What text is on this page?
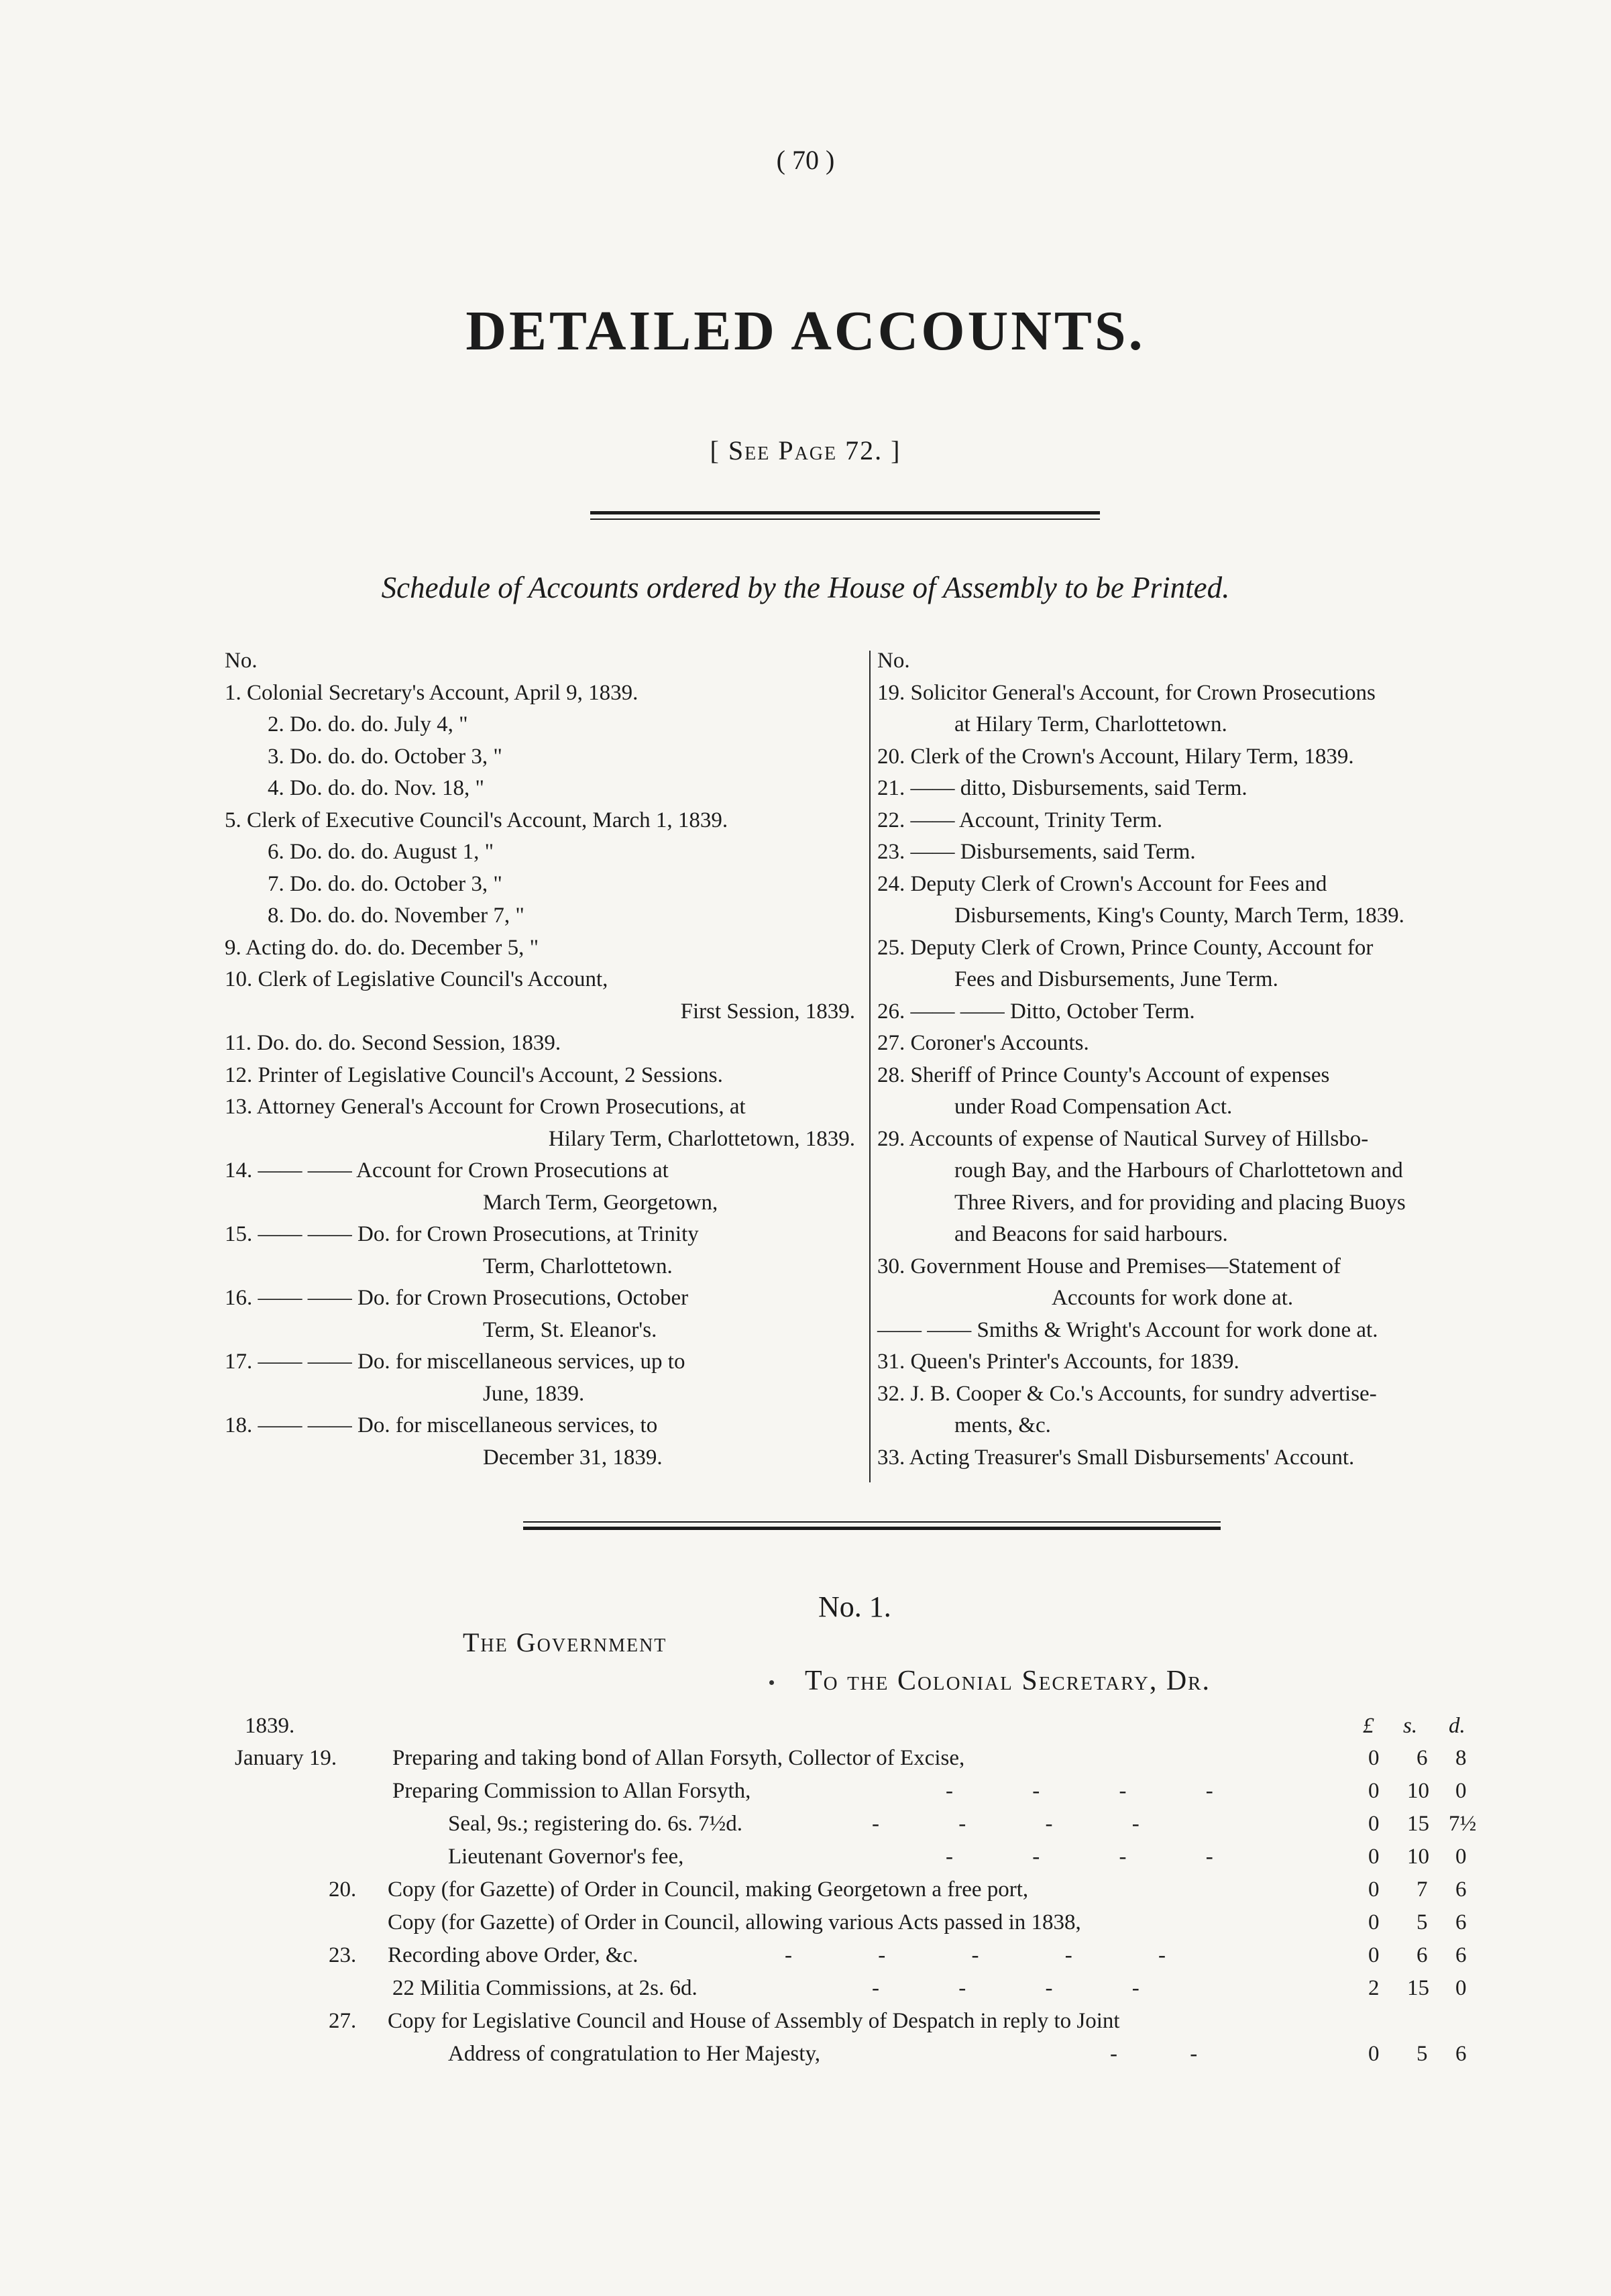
( 70 )
DETAILED ACCOUNTS.
[ See Page 72. ]
Schedule of Accounts ordered by the House of Assembly to be Printed.
No.
1. Colonial Secretary's Account, April 9, 1839.
2. Do. do. do. July 4, "
3. Do. do. do. October 3, "
4. Do. do. do. Nov. 18, "
5. Clerk of Executive Council's Account, March 1, 1839.
6. Do. do. do. August 1, "
7. Do. do. do. October 3, "
8. Do. do. do. November 7, "
9. Acting do. do. do. December 5, "
10. Clerk of Legislative Council's Account,
First Session, 1839.
11. Do. do. do. Second Session, 1839.
12. Printer of Legislative Council's Account, 2 Sessions.
13. Attorney General's Account for Crown Prosecutions, at
Hilary Term, Charlottetown, 1839.
14. —— —— Account for Crown Prosecutions at
March Term, Georgetown,
15. —— —— Do. for Crown Prosecutions, at Trinity
Term, Charlottetown.
16. —— —— Do. for Crown Prosecutions, October
Term, St. Eleanor's.
17. —— —— Do. for miscellaneous services, up to
June, 1839.
18. —— —— Do. for miscellaneous services, to
December 31, 1839.
No.
19. Solicitor General's Account, for Crown Prosecutions
at Hilary Term, Charlottetown.
20. Clerk of the Crown's Account, Hilary Term, 1839.
21. —— ditto, Disbursements, said Term.
22. —— Account, Trinity Term.
23. —— Disbursements, said Term.
24. Deputy Clerk of Crown's Account for Fees and
Disbursements, King's County, March Term, 1839.
25. Deputy Clerk of Crown, Prince County, Account for
Fees and Disbursements, June Term.
26. —— —— Ditto, October Term.
27. Coroner's Accounts.
28. Sheriff of Prince County's Account of expenses
under Road Compensation Act.
29. Accounts of expense of Nautical Survey of Hillsbo-
rough Bay, and the Harbours of Charlottetown and
Three Rivers, and for providing and placing Buoys
and Beacons for said harbours.
30. Government House and Premises—Statement of
Accounts for work done at.
—— —— Smiths & Wright's Account for work done at.
31. Queen's Printer's Accounts, for 1839.
32. J. B. Cooper & Co.'s Accounts, for sundry advertise-
ments, &c.
33. Acting Treasurer's Small Disbursements' Account.
No. 1.
The Government
To the Colonial Secretary, Dr.
1839.	£ s. d.
January 19.	Preparing and taking bond of Allan Forsyth, Collector of Excise,	0 6 8
Preparing Commission to Allan Forsyth,	- - - -	0 10 0
Seal, 9s.; registering do. 6s. 7½d.	- - - -	0 15 7½
Lieutenant Governor's fee,	- - - -	0 10 0
20. Copy (for Gazette) of Order in Council, making Georgetown a free port,	0 7 6
Copy (for Gazette) of Order in Council, allowing various Acts passed in 1838,	0 5 6
23. Recording above Order, &c.	- - - - -	0 6 6
22 Militia Commissions, at 2s. 6d.	- - - -	2 15 0
27. Copy for Legislative Council and House of Assembly of Despatch in reply to Joint
Address of congratulation to Her Majesty,	- -	0 5 6
